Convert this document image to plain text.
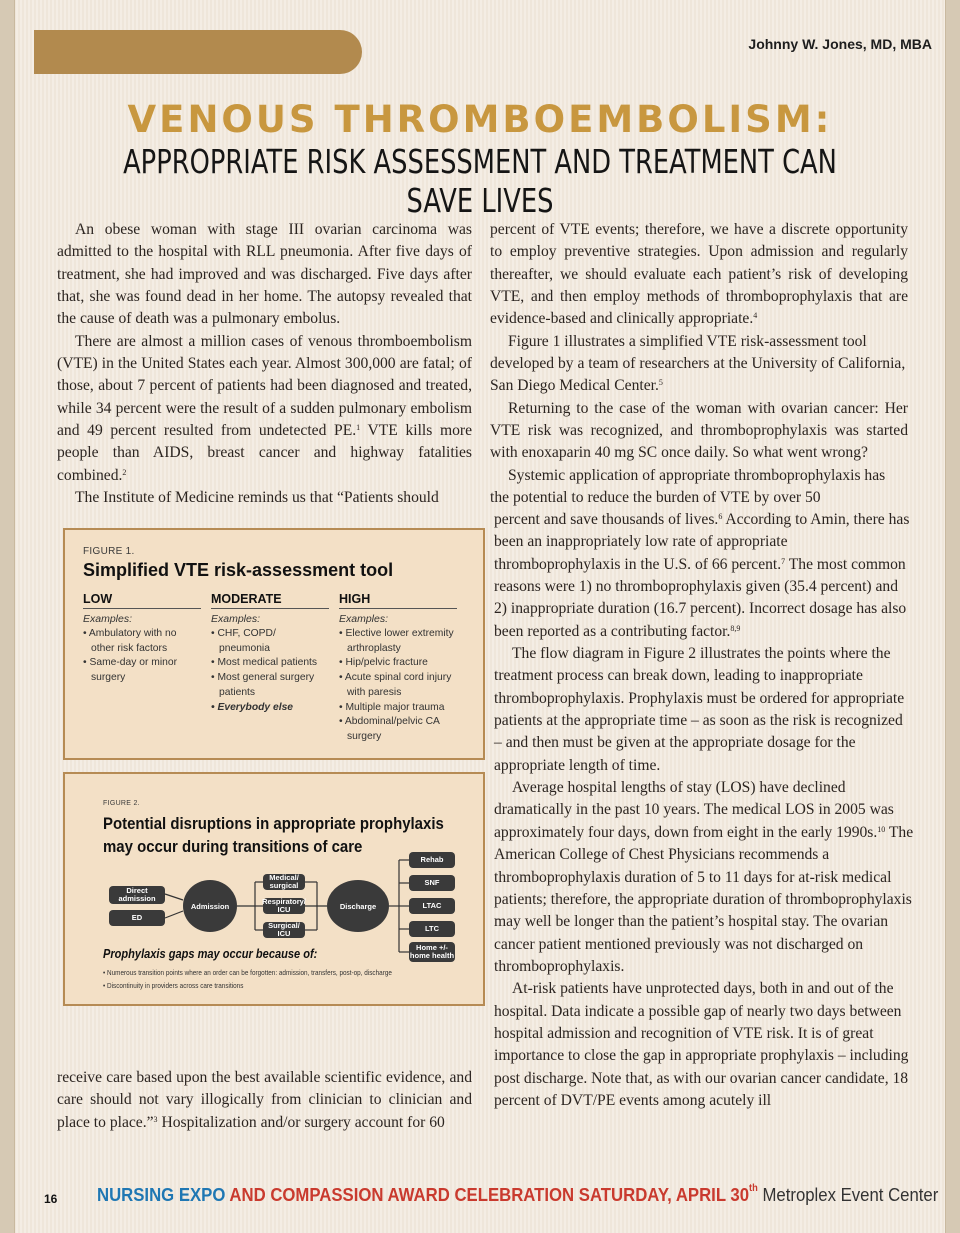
Johnny W. Jones, MD, MBA
VENOUS THROMBOEMBOLISM:
APPROPRIATE RISK ASSESSMENT AND TREATMENT CAN SAVE LIVES

An obese woman with stage III ovarian carcinoma was admitted to the hospital with RLL pneumonia. After five days of treatment, she had improved and was discharged. Five days after that, she was found dead in her home. The autopsy revealed that the cause of death was a pulmonary embolus.

There are almost a million cases of venous thromboembolism (VTE) in the United States each year. Almost 300,000 are fatal; of those, about 7 percent of patients had been diagnosed and treated, while 34 percent were the result of a sudden pulmonary embolism and 49 percent resulted from undetected PE.$^1$ VTE kills more people than AIDS, breast cancer and highway fatalities combined.$^2$

The Institute of Medicine reminds us that “Patients should

FIGURE 1.
Simplified VTE risk-assessment tool
LOW
Examples:
• Ambulatory with no other risk factors
• Same-day or minor surgery
MODERATE
Examples:
• CHF, COPD/ pneumonia
• Most medical patients
• Most general surgery patients
• Everybody else
HIGH
Examples:
• Elective lower extremity arthroplasty
• Hip/pelvic fracture
• Acute spinal cord injury with paresis
• Multiple major trauma
• Abdominal/pelvic CA surgery
FIGURE 2.
Potential disruptions in appropriate prophylaxis
may occur during transitions of care
Direct admission
ED
Admission
Medical/ surgical
Respiratory/ ICU
Surgical/ ICU
Discharge
Rehab
SNF
LTAC
LTC
Home +/- home health
Prophylaxis gaps may occur because of:
• Numerous transition points where an order can be forgotten: admission, transfers, post-op, discharge
• Discontinuity in providers across care transitions

receive care based upon the best available scientific evidence, and care should not vary illogically from clinician to clinician and place to place.”$^3$ Hospitalization and/or surgery account for 60

percent of VTE events; therefore, we have a discrete opportunity to employ preventive strategies. Upon admission and regularly thereafter, we should evaluate each patient’s risk of developing VTE, and then employ methods of thromboprophylaxis that are evidence-based and clinically appropriate.$^4$

Figure 1 illustrates a simplified VTE risk-assessment tool developed by a team of researchers at the University of California, San Diego Medical Center.$^5$

Returning to the case of the woman with ovarian cancer: Her VTE risk was recognized, and thromboprophylaxis was started with enoxaparin 40 mg SC once daily. So what went wrong?

Systemic application of appropriate thromboprophylaxis has the potential to reduce the burden of VTE by over 50

percent and save thousands of lives.$^6$ According to Amin, there has been an inappropriately low rate of appropriate thromboprophylaxis in the U.S. of 66 percent.$^7$ The most common reasons were 1) no thromboprophylaxis given (35.4 percent) and 2) inappropriate duration (16.7 percent). Incorrect dosage has also been reported as a contributing factor.$^{8,9}$

The flow diagram in Figure 2 illustrates the points where the treatment process can break down, leading to inappropriate thromboprophylaxis. Prophylaxis must be ordered for appropriate patients at the appropriate time – as soon as the risk is recognized – and then must be given at the appropriate dosage for the appropriate length of time.

Average hospital lengths of stay (LOS) have declined dramatically in the past 10 years. The medical LOS in 2005 was approximately four days, down from eight in the early 1990s.$^{10}$ The American College of Chest Physicians recommends a thromboprophylaxis duration of 5 to 11 days for at-risk medical patients; therefore, the appropriate duration of thromboprophylaxis may well be longer than the patient’s hospital stay. The ovarian cancer patient mentioned previously was not discharged on thromboprophylaxis.

At-risk patients have unprotected days, both in and out of the hospital. Data indicate a possible gap of nearly two days between hospital admission and recognition of VTE risk. It is of great importance to close the gap in appropriate prophylaxis – including post discharge. Note that, as with our ovarian cancer candidate, 18 percent of DVT/PE events among acutely ill

16 NURSING EXPO AND COMPASSION AWARD CELEBRATION SATURDAY, APRIL 30th Metroplex Event Center
